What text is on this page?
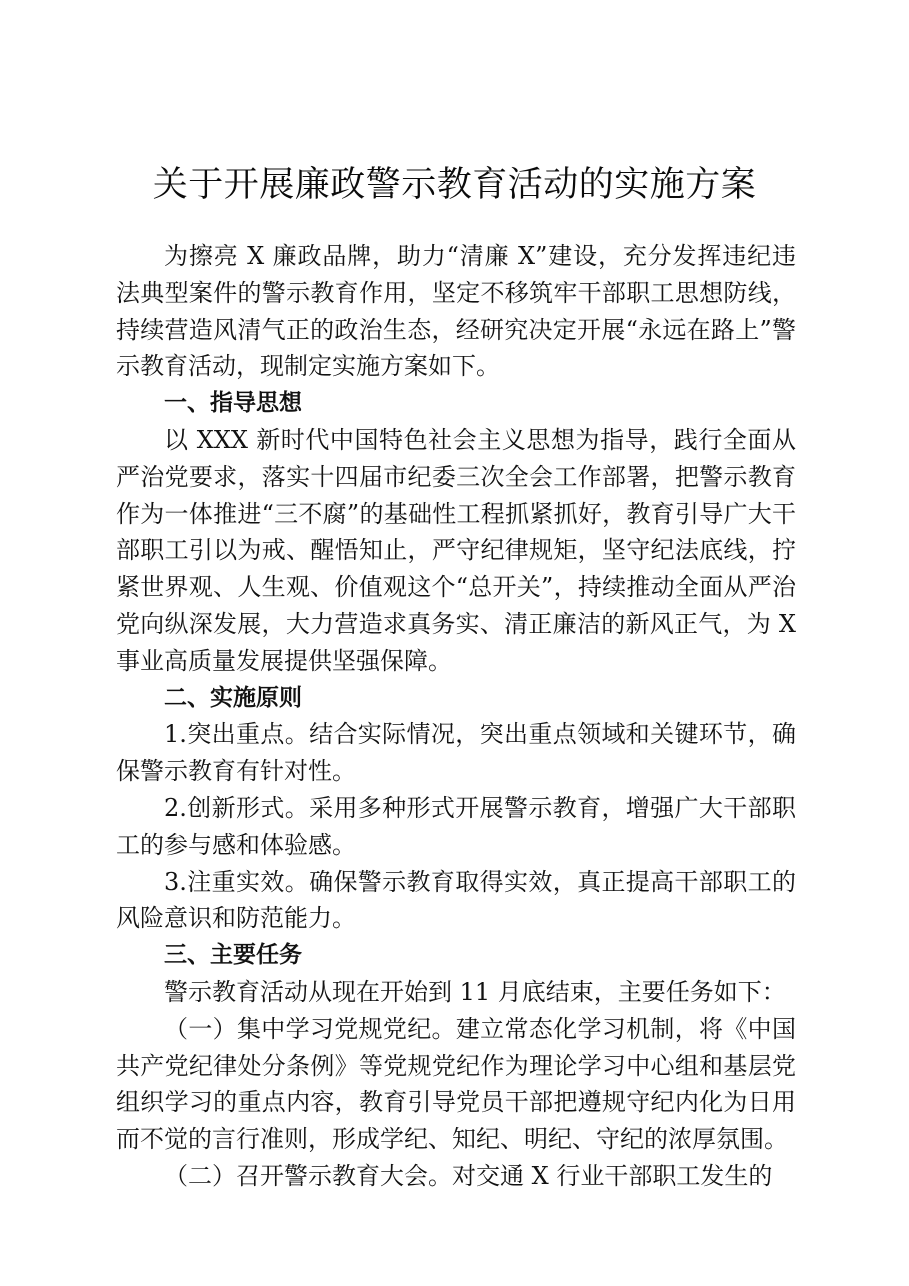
关于开展廉政警示教育活动的实施方案

为擦亮 X 廉政品牌，助力“清廉 X”建设，充分发挥违纪违法典型案件的警示教育作用，坚定不移筑牢干部职工思想防线，持续营造风清气正的政治生态，经研究决定开展“永远在路上”警示教育活动，现制定实施方案如下。

一、指导思想

以 XXX 新时代中国特色社会主义思想为指导，践行全面从严治党要求，落实十四届市纪委三次全会工作部署，把警示教育作为一体推进“三不腐”的基础性工程抓紧抓好，教育引导广大干部职工引以为戒、醒悟知止，严守纪律规矩，坚守纪法底线，拧紧世界观、人生观、价值观这个“总开关”，持续推动全面从严治党向纵深发展，大力营造求真务实、清正廉洁的新风正气，为 X 事业高质量发展提供坚强保障。

二、实施原则

1.突出重点。结合实际情况，突出重点领域和关键环节，确保警示教育有针对性。

2.创新形式。采用多种形式开展警示教育，增强广大干部职工的参与感和体验感。

3.注重实效。确保警示教育取得实效，真正提高干部职工的风险意识和防范能力。

三、主要任务

警示教育活动从现在开始到 11 月底结束，主要任务如下：

（一）集中学习党规党纪。建立常态化学习机制，将《中国共产党纪律处分条例》等党规党纪作为理论学习中心组和基层党组织学习的重点内容，教育引导党员干部把遵规守纪内化为日用而不觉的言行准则，形成学纪、知纪、明纪、守纪的浓厚氛围。

（二）召开警示教育大会。对交通 X 行业干部职工发生的
